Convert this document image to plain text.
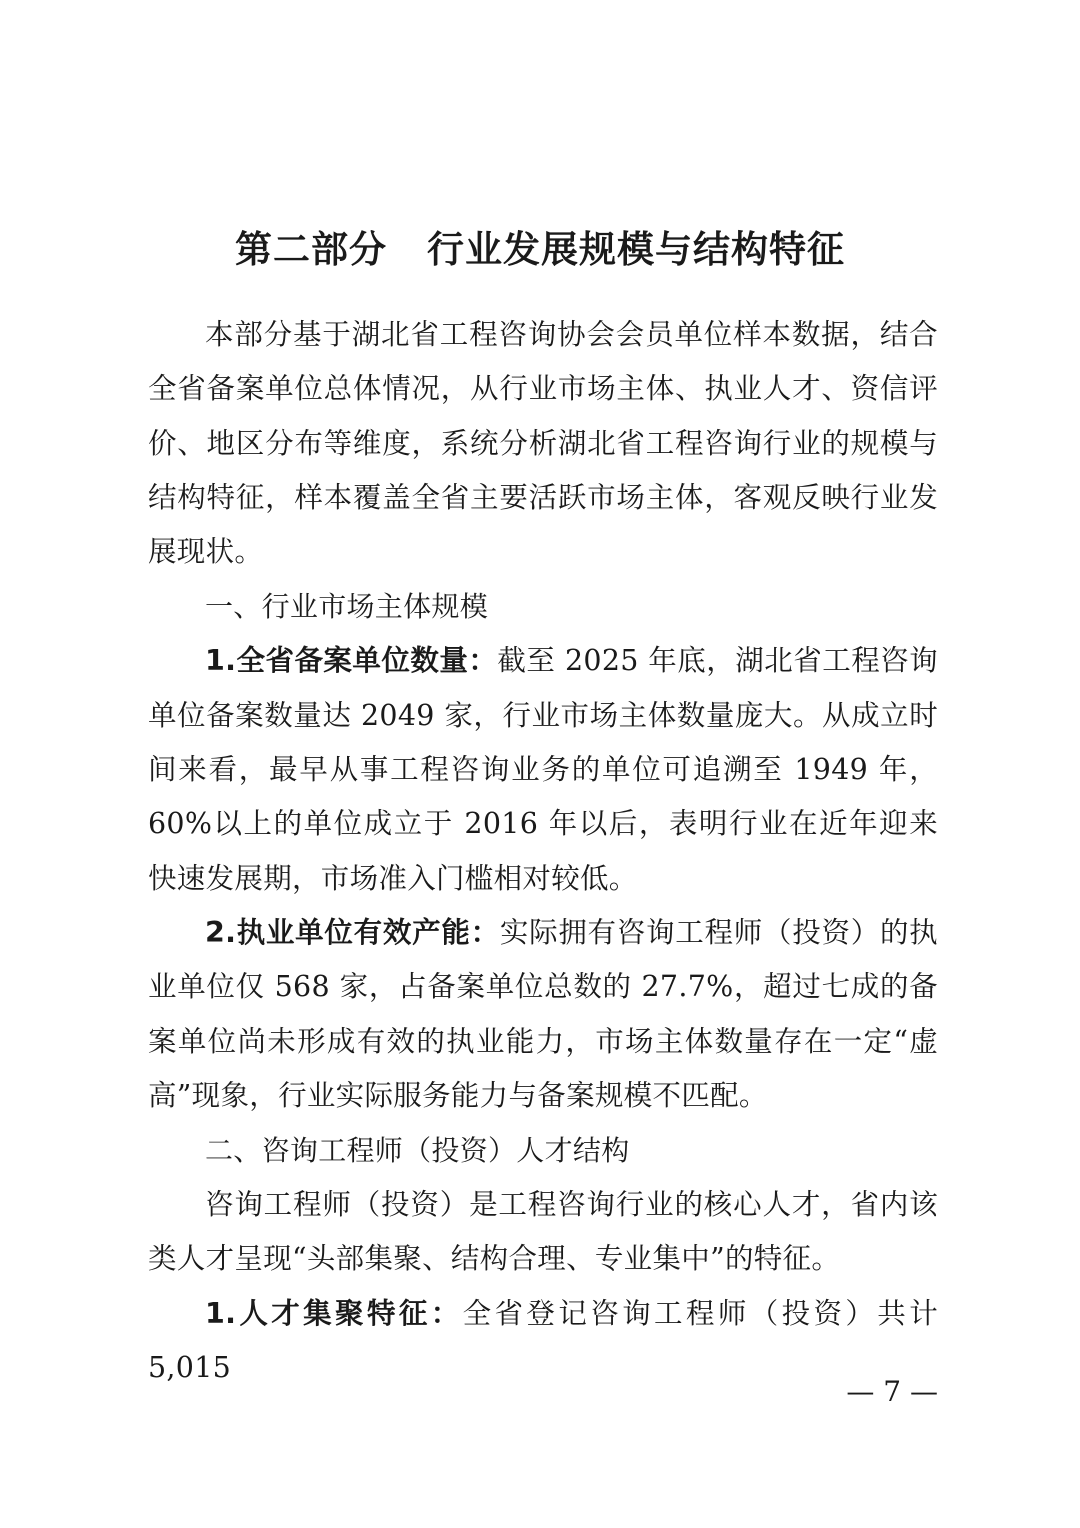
第二部分 行业发展规模与结构特征

本部分基于湖北省工程咨询协会会员单位样本数据，结合全省备案单位总体情况，从行业市场主体、执业人才、资信评价、地区分布等维度，系统分析湖北省工程咨询行业的规模与结构特征，样本覆盖全省主要活跃市场主体，客观反映行业发展现状。

一、行业市场主体规模

1.全省备案单位数量：截至 2025 年底，湖北省工程咨询单位备案数量达 2049 家，行业市场主体数量庞大。从成立时间来看，最早从事工程咨询业务的单位可追溯至 1949 年，60%以上的单位成立于 2016 年以后，表明行业在近年迎来快速发展期，市场准入门槛相对较低。

2.执业单位有效产能：实际拥有咨询工程师（投资）的执业单位仅 568 家，占备案单位总数的 27.7%，超过七成的备案单位尚未形成有效的执业能力，市场主体数量存在一定“虚高”现象，行业实际服务能力与备案规模不匹配。

二、咨询工程师（投资）人才结构

咨询工程师（投资）是工程咨询行业的核心人才，省内该类人才呈现“头部集聚、结构合理、专业集中”的特征。

1.人才集聚特征：全省登记咨询工程师（投资）共计 5,015

— 7 —
